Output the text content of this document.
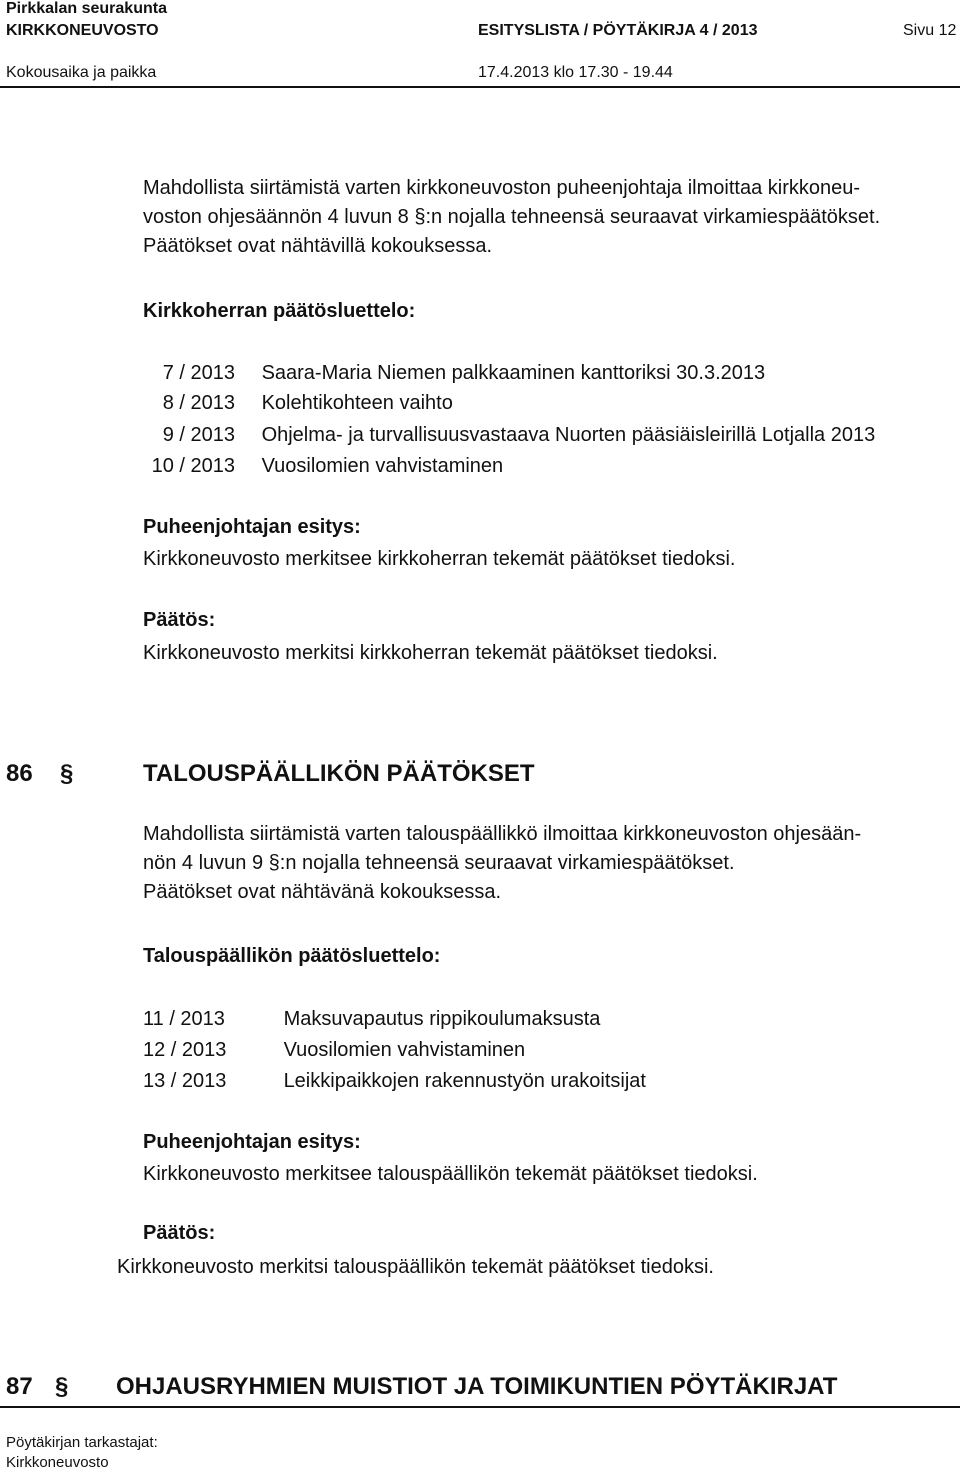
Pirkkalan seurakunta
KIRKKONEUVOSTO	ESITYSLISTA / PÖYTÄKIRJA 4 / 2013	Sivu 12
Kokousaika ja paikka	17.4.2013 klo 17.30 - 19.44
Mahdollista siirtämistä varten kirkkoneuvoston puheenjohtaja ilmoittaa kirkkoneu-
voston ohjesäännön 4 luvun 8 §:n nojalla tehneensä seuraavat virkamiespäätökset.
Päätökset ovat nähtävillä kokouksessa.
Kirkkoherran päätösluettelo:
7 / 2013 Saara-Maria Niemen palkkaaminen kanttoriksi 30.3.2013
8 / 2013 Kolehtikohteen vaihto
9 / 2013 Ohjelma- ja turvallisuusvastaava Nuorten pääsiäisleirillä Lotjalla 2013
10 / 2013 Vuosilomien vahvistaminen
Puheenjohtajan esitys:
Kirkkoneuvosto merkitsee kirkkoherran tekemät päätökset tiedoksi.
Päätös:
Kirkkoneuvosto merkitsi kirkkoherran tekemät päätökset tiedoksi.
86 §	TALOUSPÄÄLLIKÖN PÄÄTÖKSET
Mahdollista siirtämistä varten talouspäällikkö ilmoittaa kirkkoneuvoston ohjesään-
nön 4 luvun 9 §:n nojalla tehneensä seuraavat virkamiespäätökset.
Päätökset ovat nähtävänä kokouksessa.
Talouspäällikön päätösluettelo:
11 / 2013	Maksuvapautus rippikoulumaksusta
12 / 2013	Vuosilomien vahvistaminen
13 / 2013	Leikkipaikkojen rakennustyön urakoitsijat
Puheenjohtajan esitys:
Kirkkoneuvosto merkitsee talouspäällikön tekemät päätökset tiedoksi.
Päätös:
Kirkkoneuvosto merkitsi talouspäällikön tekemät päätökset tiedoksi.
87 § OHJAUSRYHMIEN MUISTIOT JA TOIMIKUNTIEN PÖYTÄKIRJAT
Pöytäkirjan tarkastajat:
Kirkkoneuvosto
